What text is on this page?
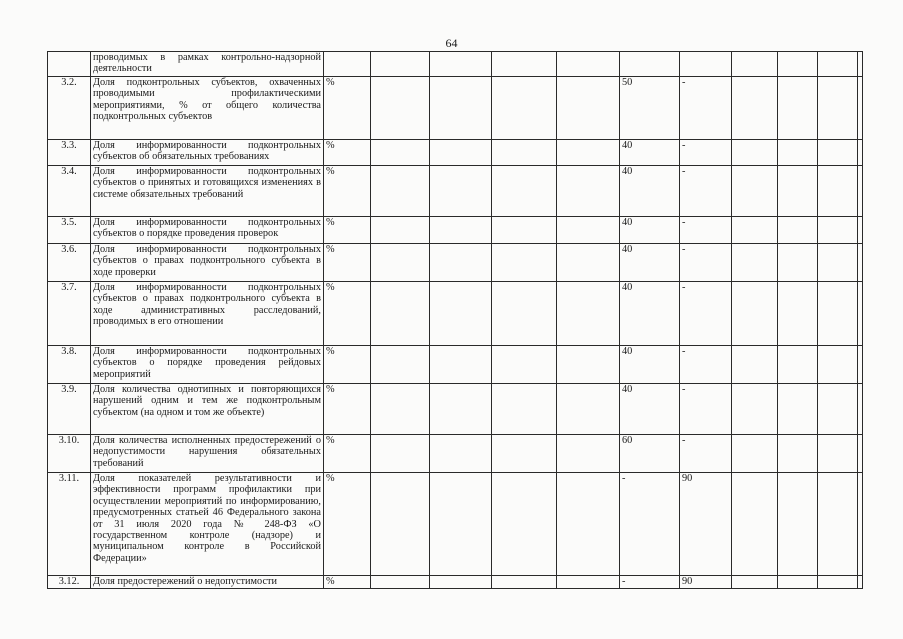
64
	проводимых в рамках контрольно-надзорной деятельности											
3.2.	Доля подконтрольных субъектов, охваченных проводимыми профилактическими мероприятиями, % от общего количества подконтрольных субъектов	%					50	-				
3.3.	Доля информированности подконтрольных субъектов об обязательных требованиях	%					40	-				
3.4.	Доля информированности подконтрольных субъектов о принятых и готовящихся изменениях в системе обязательных требований	%					40	-				
3.5.	Доля информированности подконтрольных субъектов о порядке проведения проверок	%					40	-				
3.6.	Доля информированности подконтрольных субъектов о правах подконтрольного субъекта в ходе проверки	%					40	-				
3.7.	Доля информированности подконтрольных субъектов о правах подконтрольного субъекта в ходе административных расследований, проводимых в его отношении	%					40	-				
3.8.	Доля информированности подконтрольных субъектов о порядке проведения рейдовых мероприятий	%					40	-				
3.9.	Доля количества однотипных и повторяющихся нарушений одним и тем же подконтрольным субъектом (на одном и том же объекте)	%					40	-				
3.10.	Доля количества исполненных предостережений о недопустимости нарушения обязательных требований	%					60	-				
3.11.	Доля показателей результативности и эффективности программ профилактики при осуществлении мероприятий по информированию, предусмотренных статьей 46 Федерального закона от 31 июля 2020 года № 248-ФЗ «О государственном контроле (надзоре) и муниципальном контроле в Российской Федерации»	%					-	90				
3.12.	Доля предостережений о недопустимости	%					-	90				
